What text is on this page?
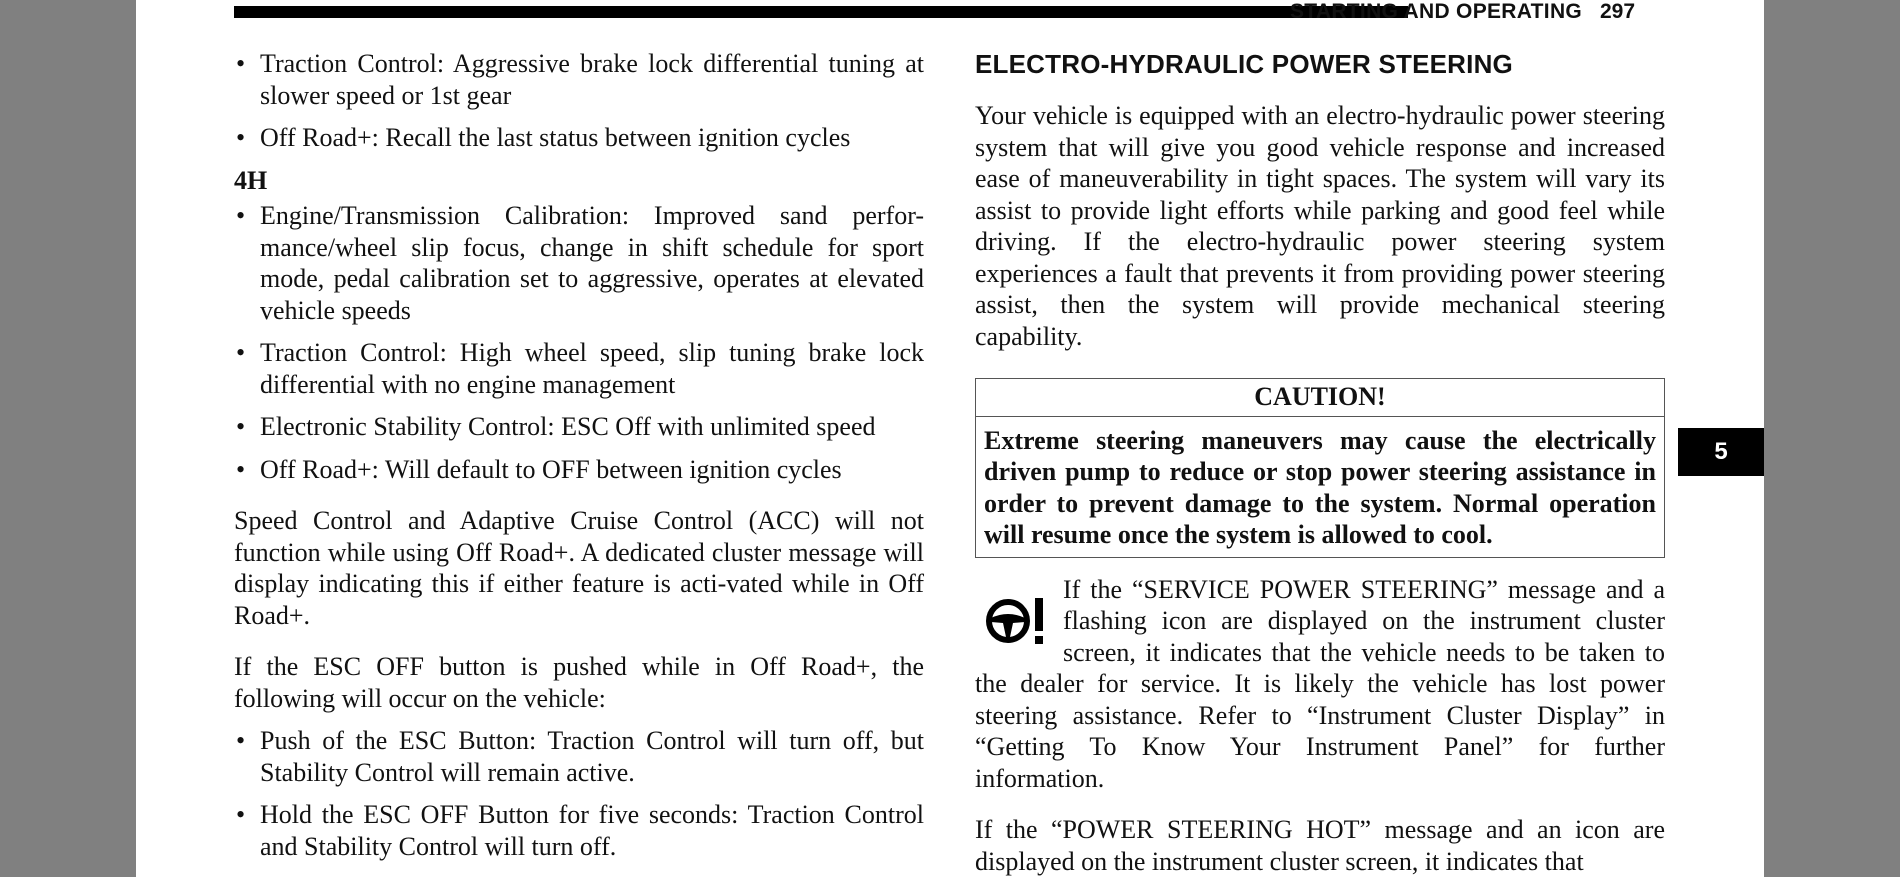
STARTING AND OPERATING 297
5

• Traction Control: Aggressive brake lock differential tuning at slower speed or 1st gear

• Off Road+: Recall the last status between ignition cycles

4H

• Engine/Transmission Calibration: Improved sand perfor-mance/wheel slip focus, change in shift schedule for sport mode, pedal calibration set to aggressive, operates at elevated vehicle speeds

• Traction Control: High wheel speed, slip tuning brake lock differential with no engine management

• Electronic Stability Control: ESC Off with unlimited speed

• Off Road+: Will default to OFF between ignition cycles

Speed Control and Adaptive Cruise Control (ACC) will not function while using Off Road+. A dedicated cluster message will display indicating this if either feature is acti-vated while in Off Road+.

If the ESC OFF button is pushed while in Off Road+, the following will occur on the vehicle:

• Push of the ESC Button: Traction Control will turn off, but Stability Control will remain active.

• Hold the ESC OFF Button for five seconds: Traction Control and Stability Control will turn off.

ELECTRO-HYDRAULIC POWER STEERING

Your vehicle is equipped with an electro-hydraulic power steering system that will give you good vehicle response and increased ease of maneuverability in tight spaces. The system will vary its assist to provide light efforts while parking and good feel while driving. If the electro-hydraulic power steering system experiences a fault that prevents it from providing power steering assist, then the system will provide mechanical steering capability.

CAUTION!
Extreme steering maneuvers may cause the electrically driven pump to reduce or stop power steering assistance in order to prevent damage to the system. Normal operation will resume once the system is allowed to cool.

If the “SERVICE POWER STEERING” message and a flashing icon are displayed on the instrument cluster screen, it indicates that the vehicle needs to be taken to the dealer for service. It is likely the vehicle has lost power steering assistance. Refer to “Instrument Cluster Display” in “Getting To Know Your Instrument Panel” for further information.

If the “POWER STEERING HOT” message and an icon are displayed on the instrument cluster screen, it indicates that
